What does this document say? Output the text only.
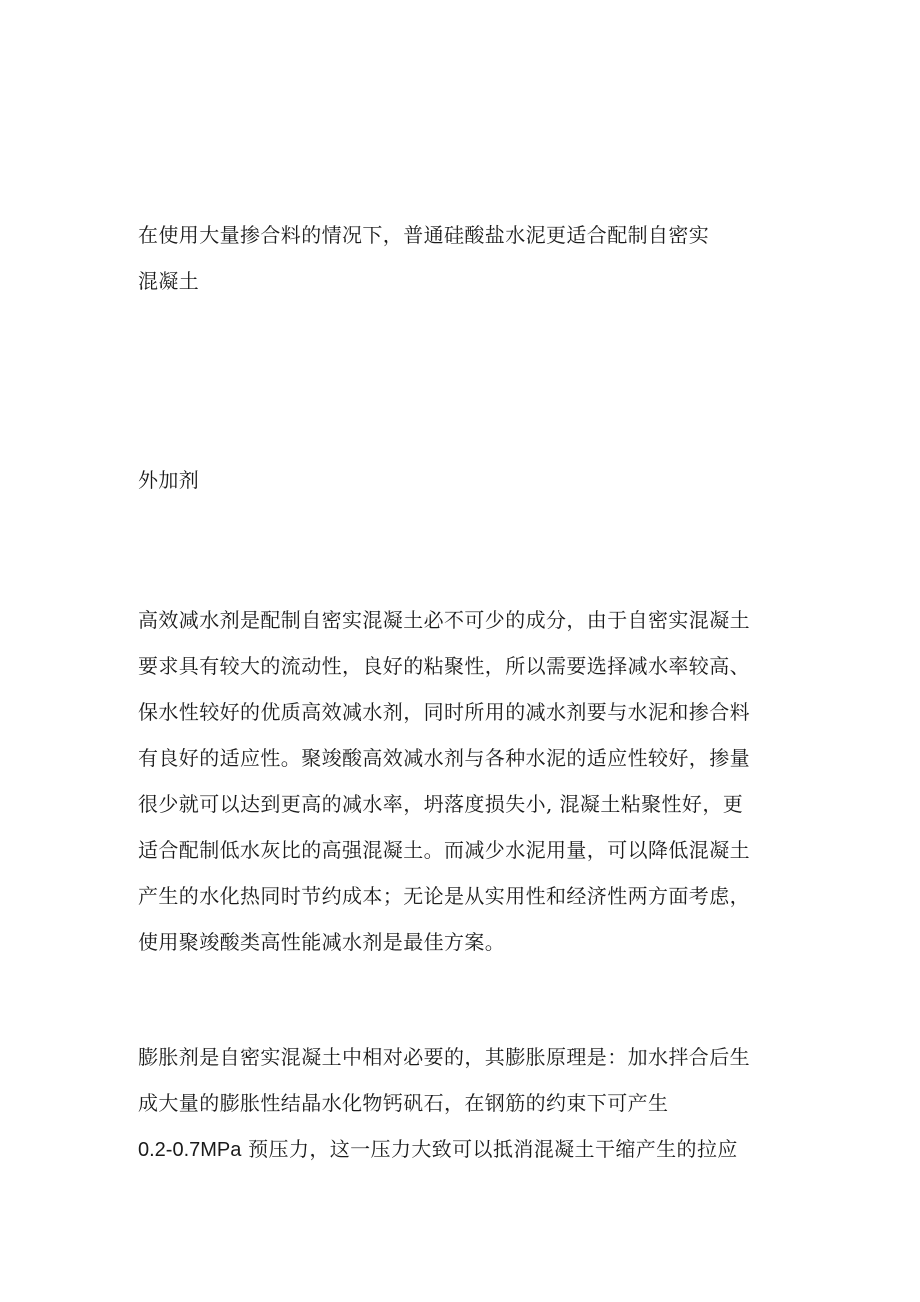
在使用大量掺合料的情况下，普通硅酸盐水泥更适合配制自密实
混凝土
外加剂
高效减水剂是配制自密实混凝土必不可少的成分，由于自密实混凝土
要求具有较大的流动性，良好的粘聚性，所以需要选择减水率较高、
保水性较好的优质高效减水剂，同时所用的减水剂要与水泥和掺合料
有良好的适应性。聚竣酸高效减水剂与各种水泥的适应性较好，掺量
很少就可以达到更高的减水率，坍落度损失小, 混凝土粘聚性好，更
适合配制低水灰比的高强混凝土。而减少水泥用量，可以降低混凝土
产生的水化热同时节约成本；无论是从实用性和经济性两方面考虑，
使用聚竣酸类高性能减水剂是最佳方案。
膨胀剂是自密实混凝土中相对必要的，其膨胀原理是：加水拌合后生
成大量的膨胀性结晶水化物钙矾石，在钢筋的约束下可产生
0.2-0.7MPa 预压力，这一压力大致可以抵消混凝土干缩产生的拉应
